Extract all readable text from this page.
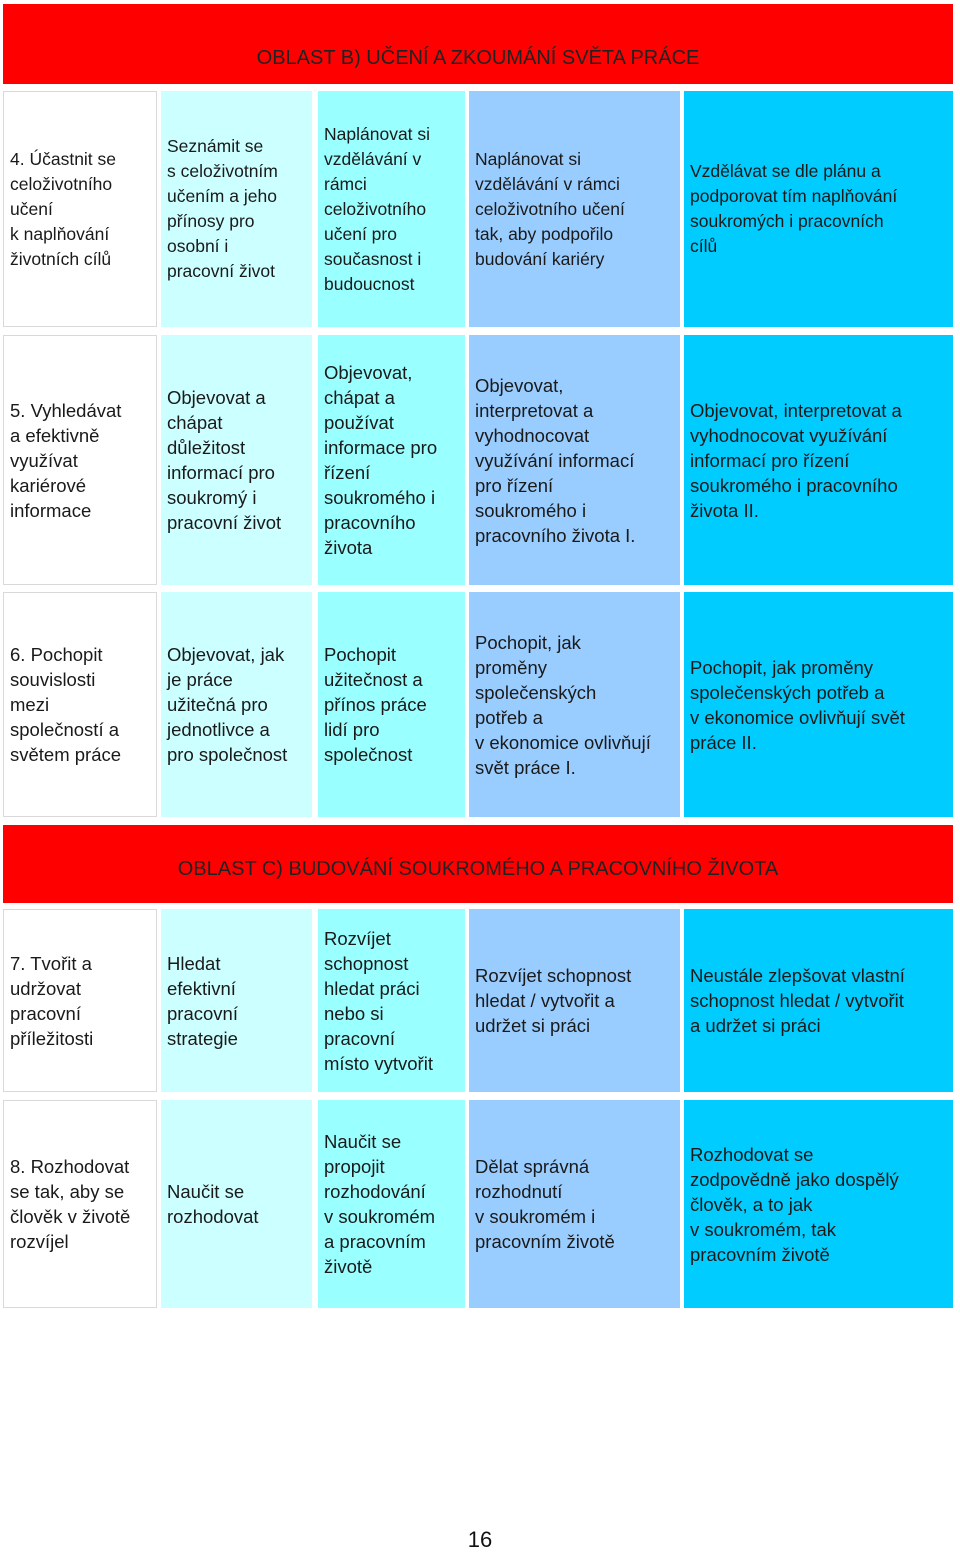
OBLAST B) UČENÍ A ZKOUMÁNÍ SVĚTA PRÁCE
4. Účastnit se
celoživotního
učení
k naplňování
životních cílů
Seznámit se
s celoživotním
učením a jeho
přínosy pro
osobní i
pracovní život
Naplánovat si
vzdělávání v
rámci
celoživotního
učení pro
současnost i
budoucnost
Naplánovat si
vzdělávání v rámci
celoživotního učení
tak, aby podpořilo
budování kariéry
Vzdělávat se dle plánu a
podporovat tím naplňování
soukromých i pracovních
cílů
5. Vyhledávat
a efektivně
využívat
kariérové
informace
Objevovat a
chápat
důležitost
informací pro
soukromý i
pracovní život
Objevovat,
chápat a
používat
informace pro
řízení
soukromého i
pracovního
života
Objevovat,
interpretovat a
vyhodnocovat
využívání informací
pro řízení
soukromého i
pracovního života I.
Objevovat, interpretovat a
vyhodnocovat využívání
informací pro řízení
soukromého i pracovního
života II.
6. Pochopit
souvislosti
mezi
společností a
světem práce
Objevovat, jak
je práce
užitečná pro
jednotlivce a
pro společnost
Pochopit
užitečnost a
přínos práce
lidí pro
společnost
Pochopit, jak
proměny
společenských
potřeb a
v ekonomice ovlivňují
svět práce I.
Pochopit, jak proměny
společenských potřeb a
v ekonomice ovlivňují svět
práce II.
OBLAST C) BUDOVÁNÍ SOUKROMÉHO A PRACOVNÍHO ŽIVOTA
7. Tvořit a
udržovat
pracovní
příležitosti
Hledat
efektivní
pracovní
strategie
Rozvíjet
schopnost
hledat práci
nebo si
pracovní
místo vytvořit
Rozvíjet schopnost
hledat / vytvořit a
udržet si práci
Neustále zlepšovat vlastní
schopnost hledat / vytvořit
a udržet si práci
8. Rozhodovat
se tak, aby se
člověk v životě
rozvíjel
Naučit se
rozhodovat
Naučit se
propojit
rozhodování
v soukromém
a pracovním
životě
Dělat správná
rozhodnutí
v soukromém i
pracovním životě
Rozhodovat se
zodpovědně jako dospělý
člověk, a to jak
v soukromém, tak
pracovním životě
16
